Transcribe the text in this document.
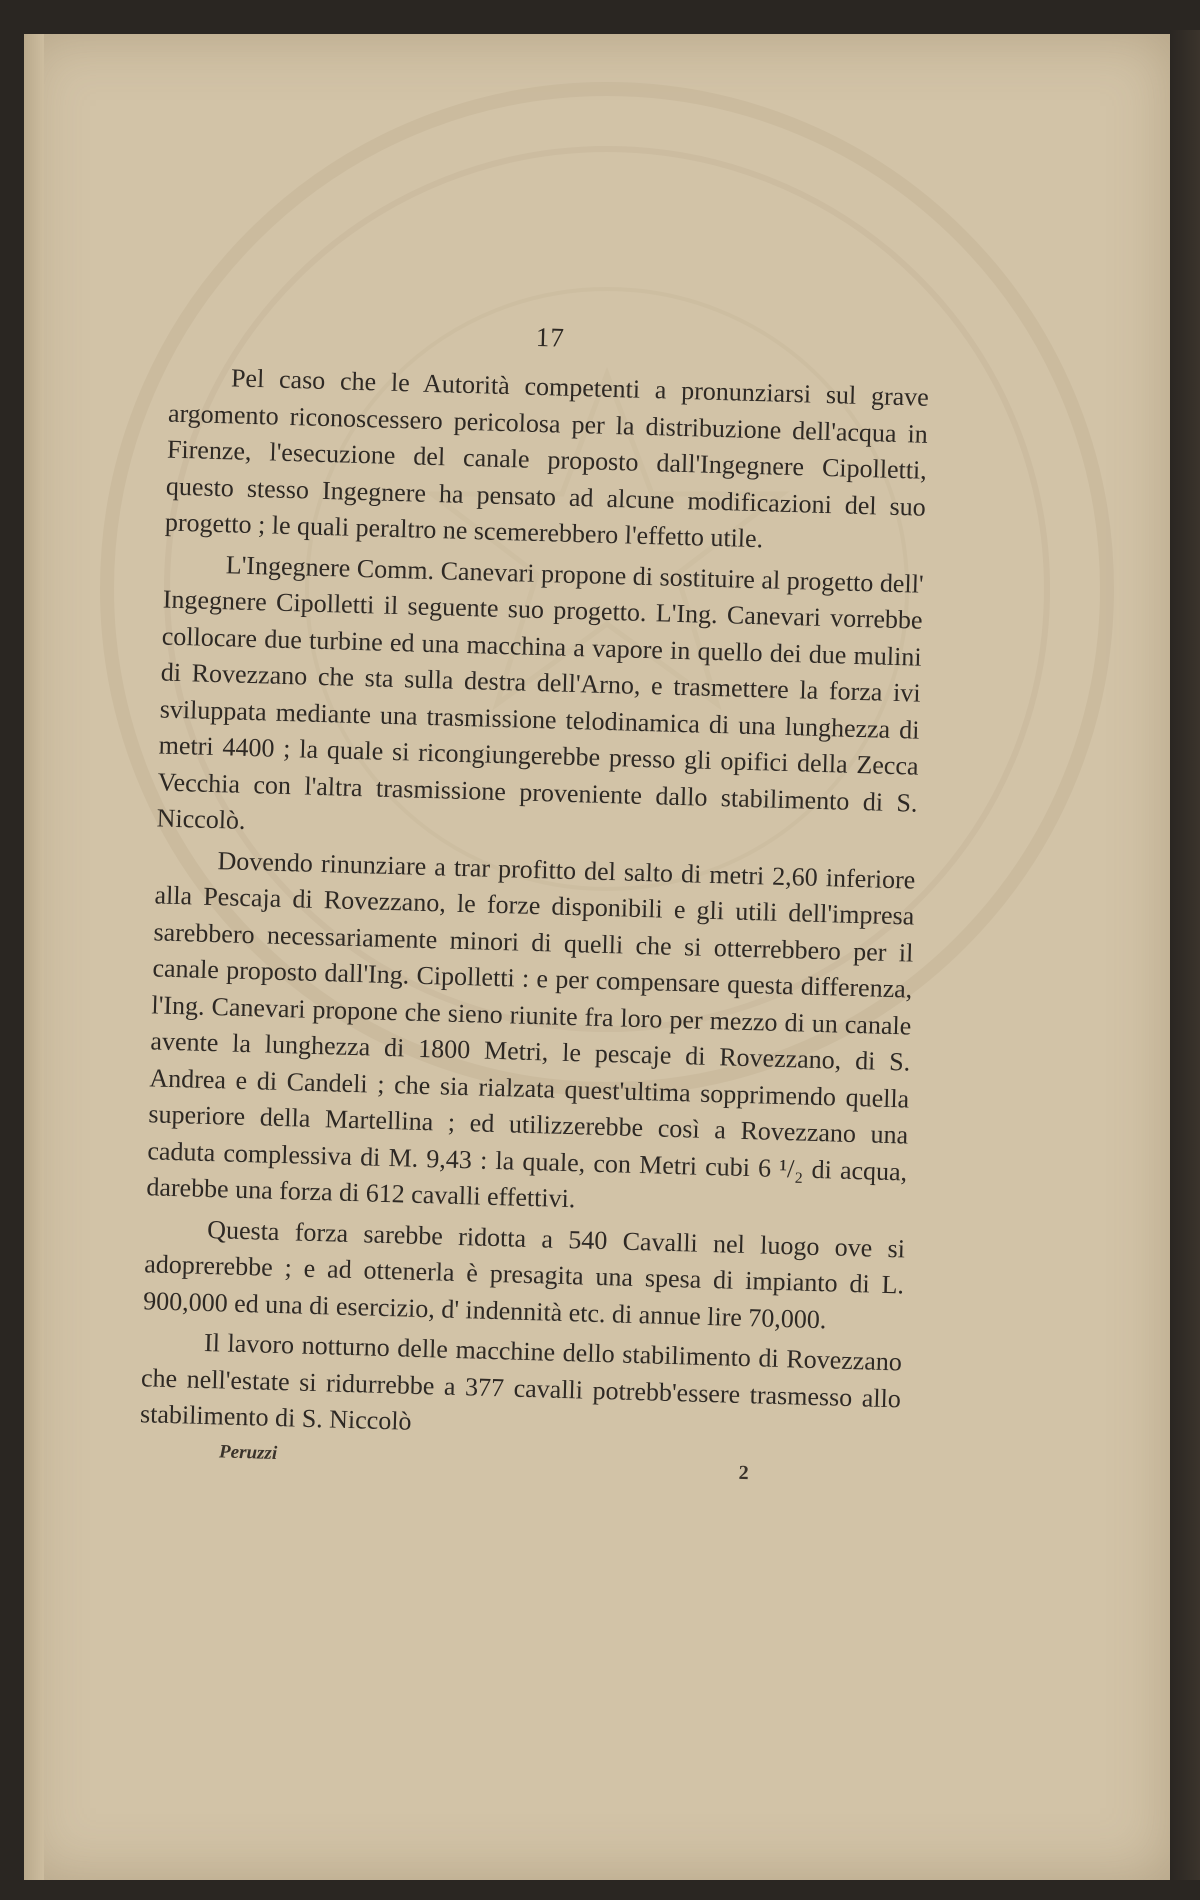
17

Pel caso che le Autorità competenti a pronunziarsi sul grave argomento riconoscessero pericolosa per la distribuzione dell'acqua in Firenze, l'esecuzione del canale proposto dall'Ingegnere Cipolletti, questo stesso Ingegnere ha pensato ad alcune modificazioni del suo progetto ; le quali peraltro ne scemerebbero l'effetto utile.

L'Ingegnere Comm. Canevari propone di sostituire al progetto dell' Ingegnere Cipolletti il seguente suo progetto. L'Ing. Canevari vorrebbe collocare due turbine ed una macchina a vapore in quello dei due mulini di Rovezzano che sta sulla destra dell'Arno, e trasmettere la forza ivi sviluppata mediante una trasmissione telodinamica di una lunghezza di metri 4400 ; la quale si ricongiungerebbe presso gli opifici della Zecca Vecchia con l'altra trasmissione proveniente dallo stabilimento di S. Niccolò.

Dovendo rinunziare a trar profitto del salto di metri 2,60 inferiore alla Pescaja di Rovezzano, le forze disponibili e gli utili dell'impresa sarebbero necessariamente minori di quelli che si otterrebbero per il canale proposto dall'Ing. Cipolletti : e per compensare questa differenza, l'Ing. Canevari propone che sieno riunite fra loro per mezzo di un canale avente la lunghezza di 1800 Metri, le pescaje di Rovezzano, di S. Andrea e di Candeli ; che sia rialzata quest'ultima sopprimendo quella superiore della Martellina ; ed utilizzerebbe così a Rovezzano una caduta complessiva di M. 9,43 : la quale, con Metri cubi 6 ¹/₂ di acqua, darebbe una forza di 612 cavalli effettivi.

Questa forza sarebbe ridotta a 540 Cavalli nel luogo ove si adoprerebbe ; e ad ottenerla è presagita una spesa di impianto di L. 900,000 ed una di esercizio, d' indennità etc. di annue lire 70,000.

Il lavoro notturno delle macchine dello stabilimento di Rovezzano che nell'estate si ridurrebbe a 377 cavalli potrebb'essere trasmesso allo stabilimento di S. Niccolò

Peruzzi
2
